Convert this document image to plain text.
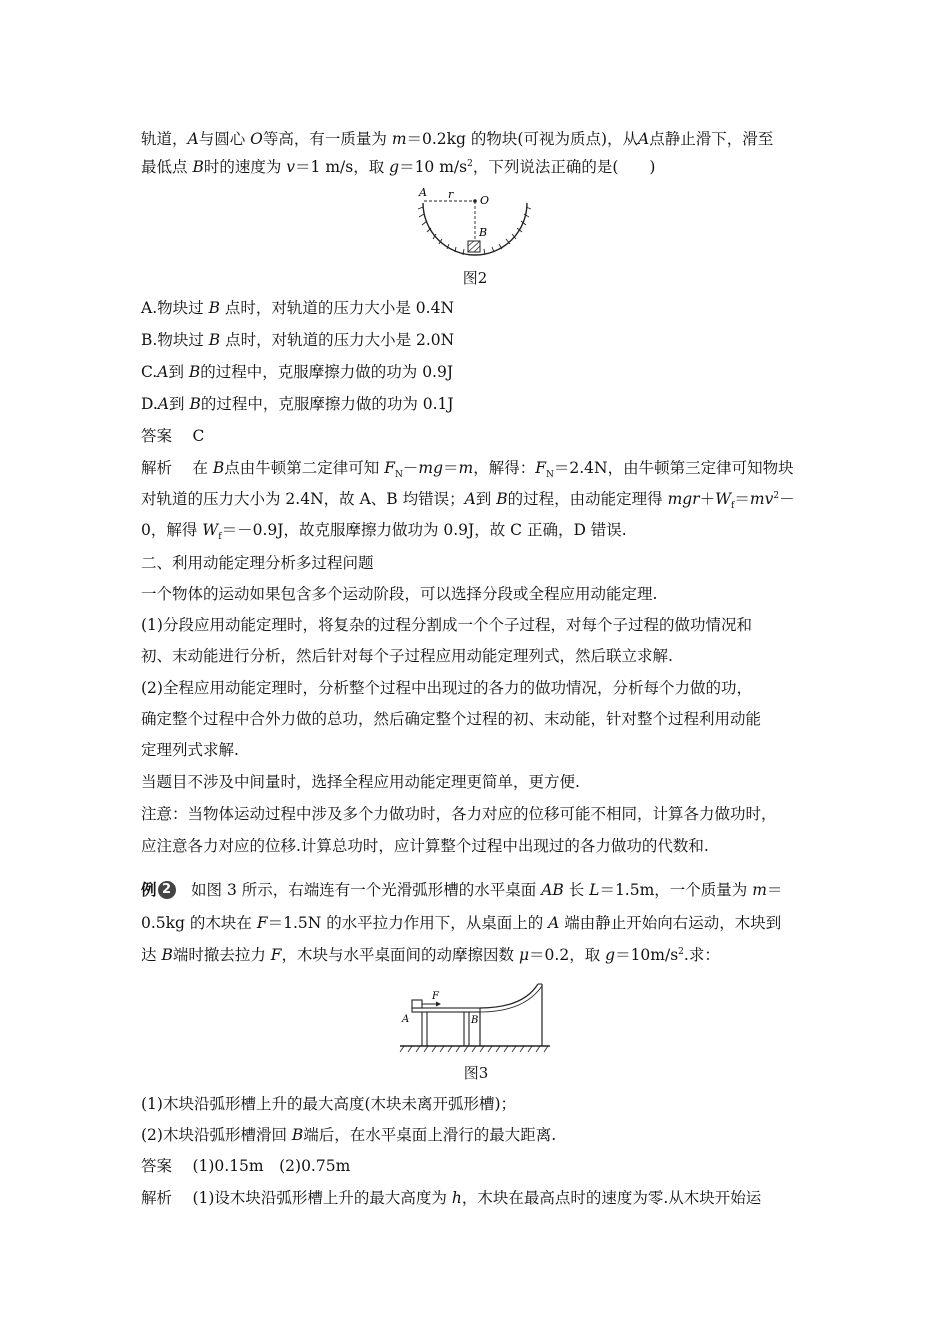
轨道，A与圆心 O等高，有一质量为 m＝0.2kg 的物块(可视为质点)，从A点静止滑下，滑至
最低点 B时的速度为 v＝1 m/s，取 g＝10 $m/s^2$，下列说法正确的是(　　)
A r O
B
图2
A.物块过 B 点时，对轨道的压力大小是 0.4N
B.物块过 B 点时，对轨道的压力大小是 2.0N
C.A到 B的过程中，克服摩擦力做的功为 0.9J
D.A到 B的过程中，克服摩擦力做的功为 0.1J
答案　 C
解析　 在 B点由牛顿第二定律可知 $F_N-mg=m$，解得：$F_N=2.4N$，由牛顿第三定律可知物块
对轨道的压力大小为 2.4N，故 A、B 均错误；A到 B的过程，由动能定理得 $mgr+W_f=mv^2-$
0，解得 $W_f=-0.9J$，故克服摩擦力做功为 0.9J，故 C 正确，D 错误.
二、利用动能定理分析多过程问题
一个物体的运动如果包含多个运动阶段，可以选择分段或全程应用动能定理.
(1)分段应用动能定理时，将复杂的过程分割成一个个子过程，对每个子过程的做功情况和
初、末动能进行分析，然后针对每个子过程应用动能定理列式，然后联立求解.
(2)全程应用动能定理时，分析整个过程中出现过的各力的做功情况，分析每个力做的功，
确定整个过程中合外力做的总功，然后确定整个过程的初、末动能，针对整个过程利用动能
定理列式求解.
当题目不涉及中间量时，选择全程应用动能定理更简单，更方便.
注意：当物体运动过程中涉及多个力做功时，各力对应的位移可能不相同，计算各力做功时，
应注意各力对应的位移.计算总功时，应计算整个过程中出现过的各力做功的代数和.
例 2
　 如图 3 所示，右端连有一个光滑弧形槽的水平桌面 AB 长 L＝1.5m，一个质量为 m＝
0.5kg 的木块在 F＝1.5N 的水平拉力作用下，从桌面上的 A 端由静止开始向右运动，木块到
达 B端时撤去拉力 F，木块与水平桌面间的动摩擦因数 μ＝0.2，取 $g=10m/s^2$.求：
F
A	B
图3
(1)木块沿弧形槽上升的最大高度(木块未离开弧形槽)；
(2)木块沿弧形槽滑回 B端后，在水平桌面上滑行的最大距离.
答案　 (1)0.15m　(2)0.75m
解析　 (1)设木块沿弧形槽上升的最大高度为 h，木块在最高点时的速度为零.从木块开始运
